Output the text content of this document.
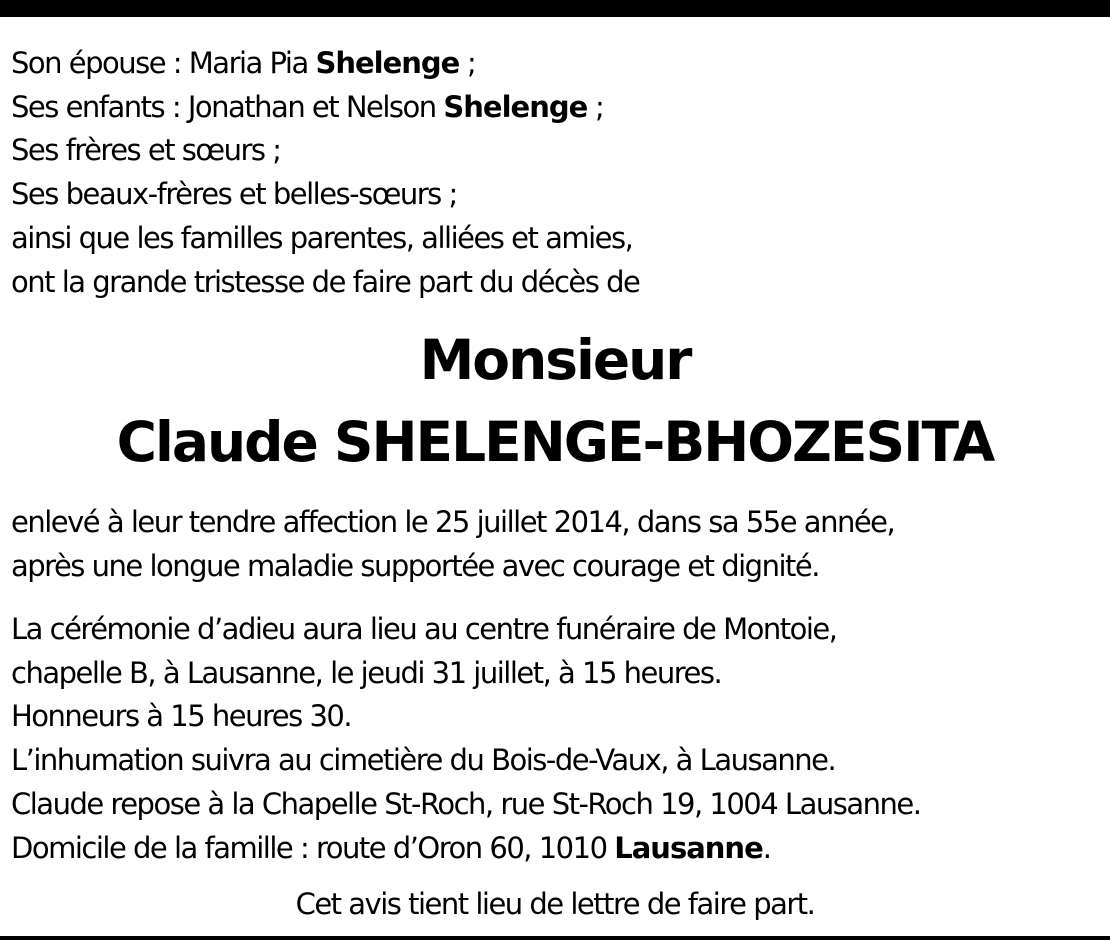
Son épouse : Maria Pia Shelenge ;
Ses enfants : Jonathan et Nelson Shelenge ;
Ses frères et sœurs ;
Ses beaux-frères et belles-sœurs ;
ainsi que les familles parentes, alliées et amies,
ont la grande tristesse de faire part du décès de

Monsieur
Claude SHELENGE-BHOZESITA

enlevé à leur tendre affection le 25 juillet 2014, dans sa 55e année,
après une longue maladie supportée avec courage et dignité.

La cérémonie d’adieu aura lieu au centre funéraire de Montoie,
chapelle B, à Lausanne, le jeudi 31 juillet, à 15 heures.
Honneurs à 15 heures 30.
L’inhumation suivra au cimetière du Bois-de-Vaux, à Lausanne.
Claude repose à la Chapelle St-Roch, rue St-Roch 19, 1004 Lausanne.
Domicile de la famille : route d’Oron 60, 1010 Lausanne.

Cet avis tient lieu de lettre de faire part.
